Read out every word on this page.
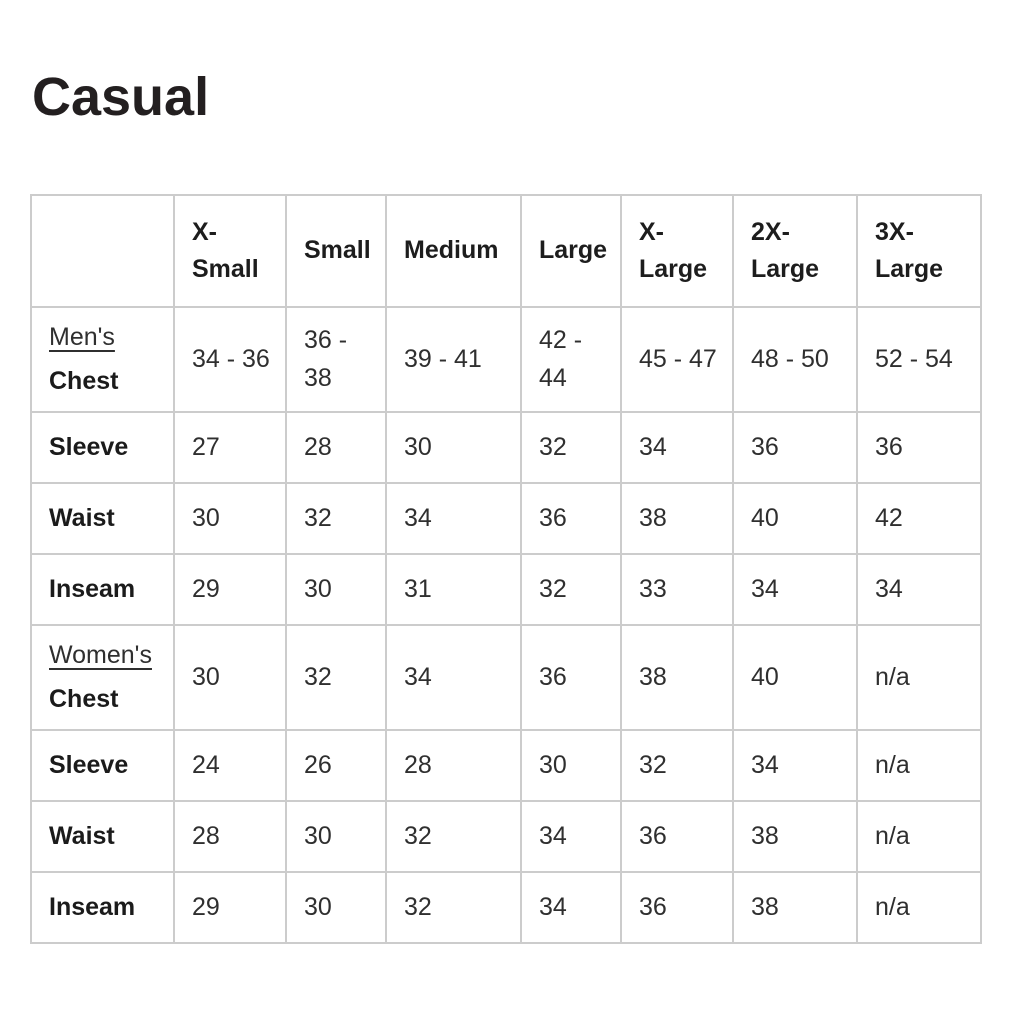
Casual
	X-Small	Small	Medium	Large	X-Large	2X-Large	3X-Large

Men's
Chest	34 - 36	36 - 38	39 - 41	42 - 44	45 - 47	48 - 50	52 - 54

Sleeve	27	28	30	32	34	36	36

Waist	30	32	34	36	38	40	42

Inseam	29	30	31	32	33	34	34

Women's
Chest	30	32	34	36	38	40	n/a

Sleeve	24	26	28	30	32	34	n/a

Waist	28	30	32	34	36	38	n/a

Inseam	29	30	32	34	36	38	n/a
